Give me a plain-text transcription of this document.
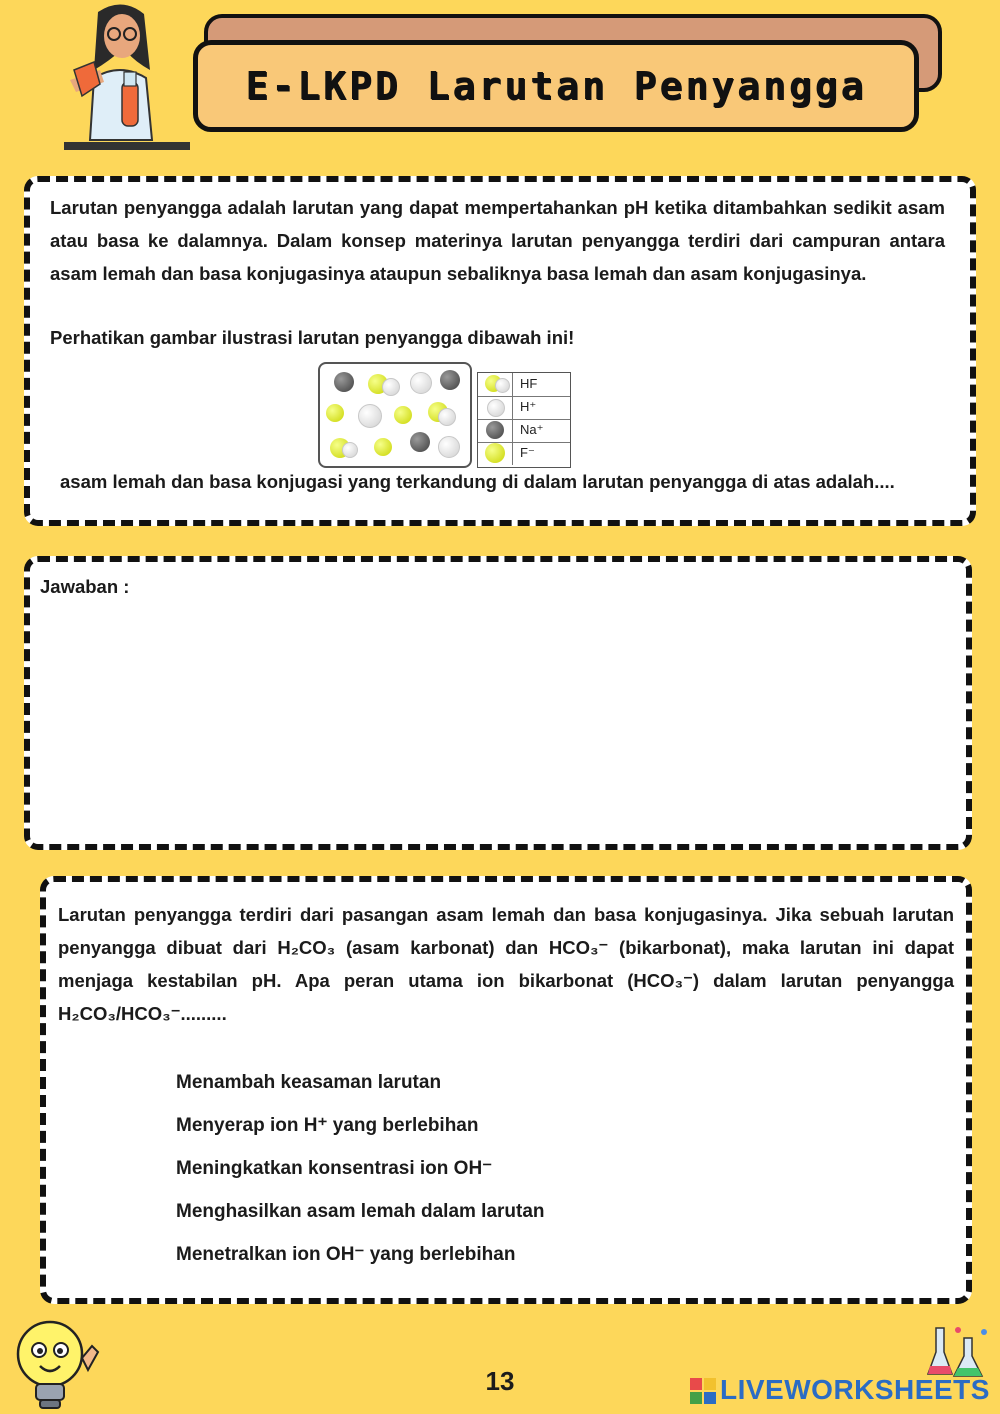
E-LKPD Larutan Penyangga

Larutan penyangga adalah larutan yang dapat mempertahankan pH ketika ditambahkan sedikit asam atau basa ke dalamnya. Dalam konsep materinya larutan penyangga terdiri dari campuran antara asam lemah dan basa konjugasinya ataupun sebaliknya basa lemah dan asam konjugasinya.

Perhatikan gambar ilustrasi larutan penyangga dibawah ini!

HF
H⁺
Na⁺
F⁻

asam lemah dan basa konjugasi yang terkandung di dalam larutan penyangga di atas adalah....

Jawaban :

Larutan penyangga terdiri dari pasangan asam lemah dan basa konjugasinya. Jika sebuah larutan penyangga dibuat dari H₂CO₃ (asam karbonat) dan HCO₃⁻ (bikarbonat), maka larutan ini dapat menjaga kestabilan pH. Apa peran utama ion bikarbonat (HCO₃⁻) dalam larutan penyangga H₂CO₃/HCO₃⁻.........

Menambah keasaman larutan
Menyerap ion H⁺ yang berlebihan
Meningkatkan konsentrasi ion OH⁻
Menghasilkan asam lemah dalam larutan
Menetralkan ion OH⁻ yang berlebihan
13	LIVEWORKSHEETS
